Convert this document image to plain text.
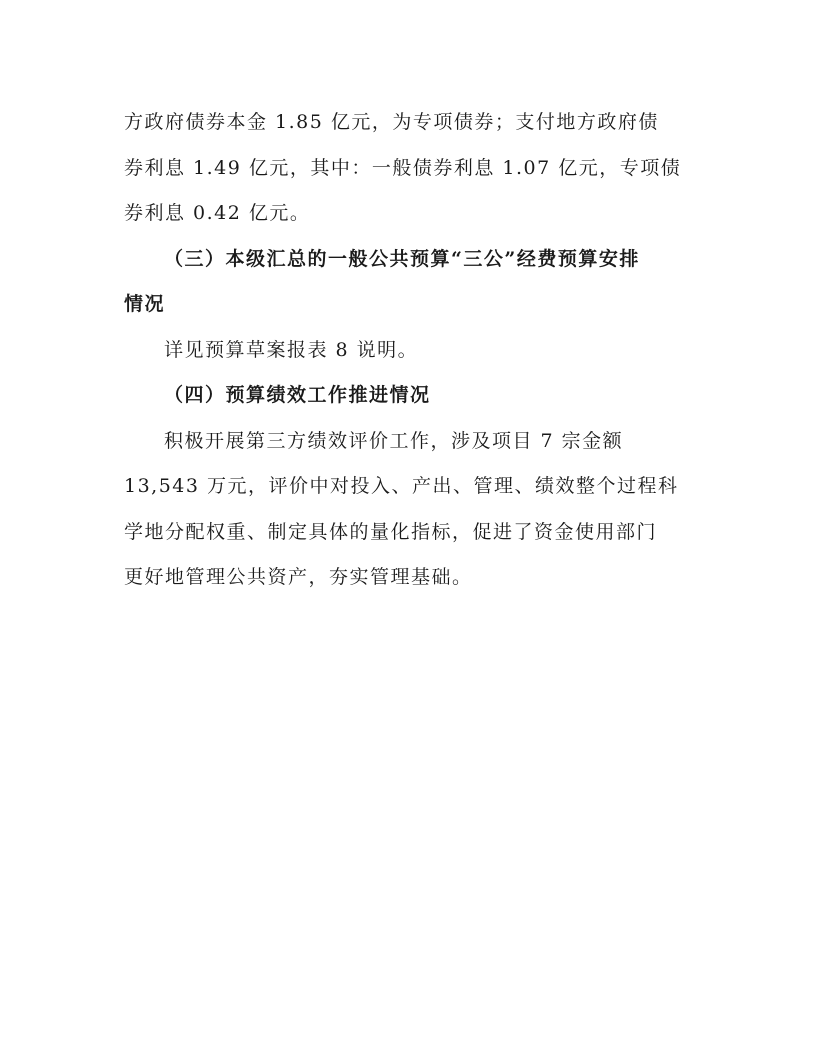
方政府债券本金 1.85 亿元，为专项债券；支付地方政府债
券利息 1.49 亿元，其中：一般债券利息 1.07 亿元，专项债
券利息 0.42 亿元。
（三）本级汇总的一般公共预算“三公”经费预算安排
情况
详见预算草案报表 8 说明。
（四）预算绩效工作推进情况
积极开展第三方绩效评价工作，涉及项目 7 宗金额
13,543 万元，评价中对投入、产出、管理、绩效整个过程科
学地分配权重、制定具体的量化指标，促进了资金使用部门
更好地管理公共资产，夯实管理基础。
